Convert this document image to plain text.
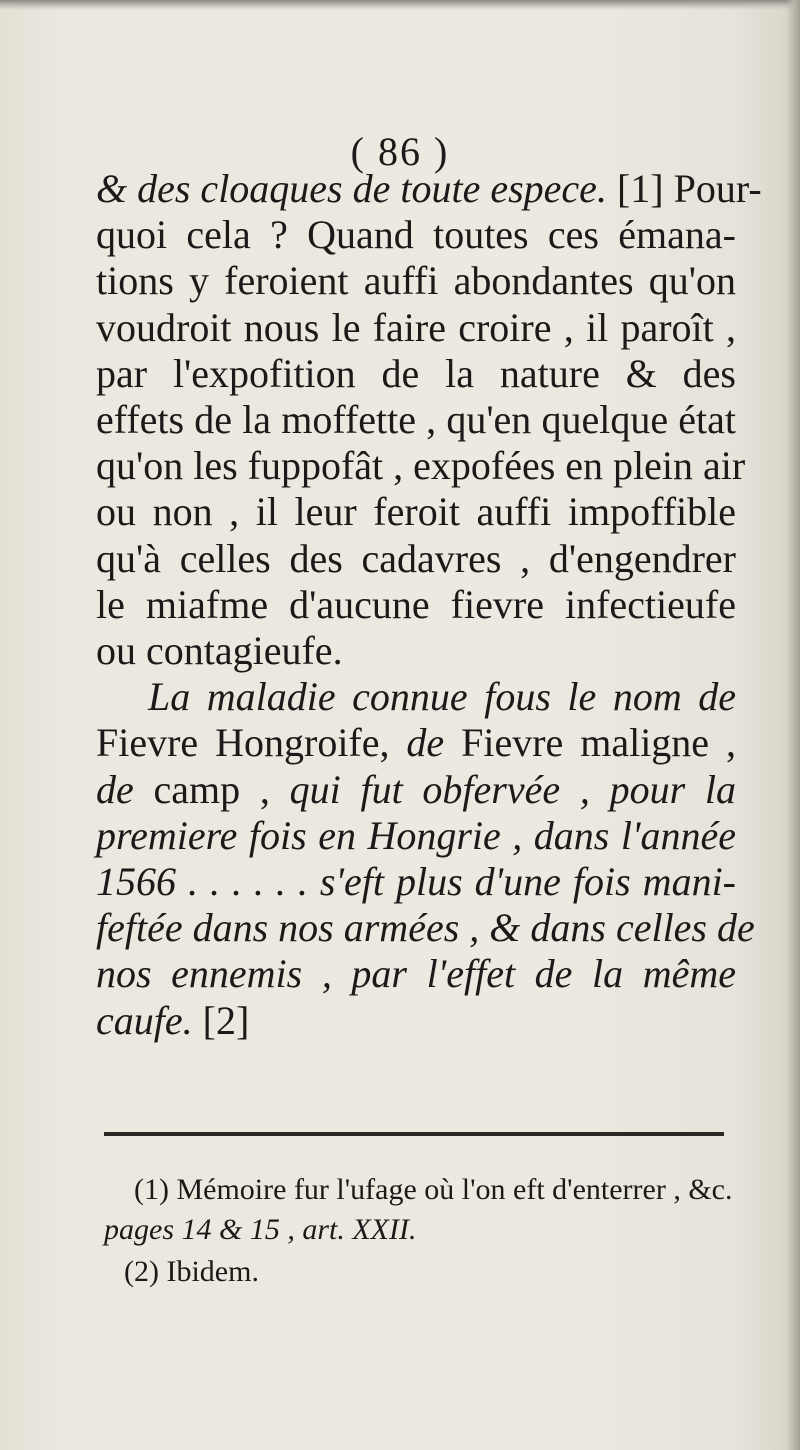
( 86 )
& des cloaques de toute espece. [1] Pour-
quoi cela ? Quand toutes ces émana-
tions y feroient auffi abondantes qu'on
voudroit nous le faire croire , il paroît ,
par l'expofition de la nature & des
effets de la moffette , qu'en quelque état
qu'on les fuppofât , expofées en plein air
ou non , il leur feroit auffi impoffible
qu'à celles des cadavres , d'engendrer
le miafme d'aucune fievre infectieufe
ou contagieufe.
La maladie connue fous le nom de
Fievre Hongroife, de Fievre maligne ,
de camp , qui fut obfervée , pour la
premiere fois en Hongrie , dans l'année
1566 . . . . . . s'eft plus d'une fois mani-
feftée dans nos armées , & dans celles de
nos ennemis , par l'effet de la même
caufe. [2]
(1) Mémoire fur l'ufage où l'on eft d'enterrer , &c.
pages 14 & 15 , art. XXII.
(2) Ibidem.
